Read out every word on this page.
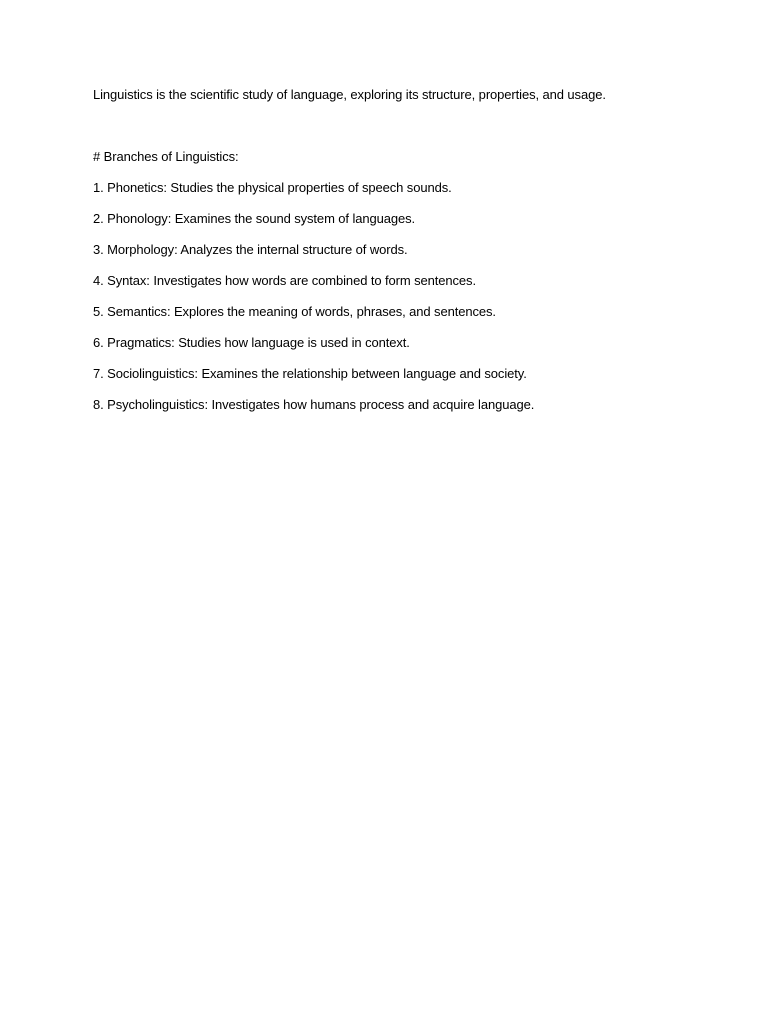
Linguistics is the scientific study of language, exploring its structure, properties, and usage.

# Branches of Linguistics:

1. Phonetics: Studies the physical properties of speech sounds.
2. Phonology: Examines the sound system of languages.
3. Morphology: Analyzes the internal structure of words.
4. Syntax: Investigates how words are combined to form sentences.
5. Semantics: Explores the meaning of words, phrases, and sentences.
6. Pragmatics: Studies how language is used in context.
7. Sociolinguistics: Examines the relationship between language and society.
8. Psycholinguistics: Investigates how humans process and acquire language.
